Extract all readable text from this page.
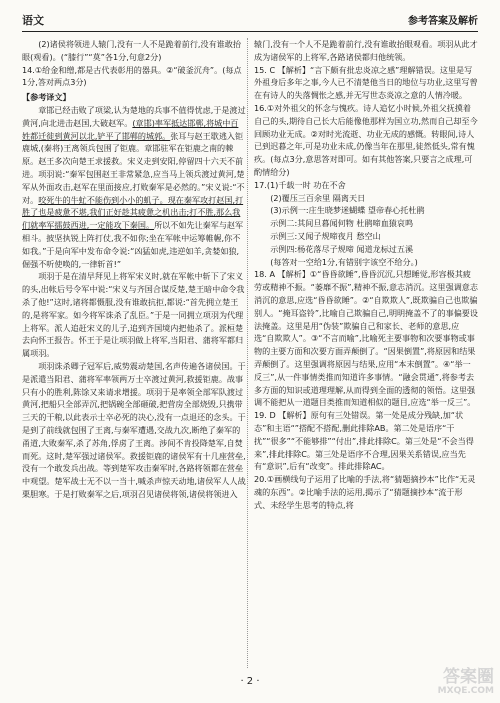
语文	参考答案及解析

(2)诸侯将领进人辕门,没有一人不是跪着前行,没有谁敢抬眼(观看)。(“膝行”“莫”各1分,句意2分)

14.①给金和缯,都是古代表彰用的器具。②“破釜沉舟”。(每点1分,答对两点3分)

【参考译文】

章邯已经击败了项梁,认为楚地的兵事不值得忧虑,于是渡过黄河,向北进击赵国,大破赵军。(章邯)率军抵达邯郸,将城中百姓都迁徙到黄河以北,铲平了邯郸的城郭。张耳与赵王歇逃入钜鹿城,(秦将)王离领兵包围了钜鹿。章邯驻军在钜鹿之南的棘原。赵王多次向楚王求援救。宋义走到安阳,停留四十六天不前进。项羽说:“秦军包围赵王非常紧急,应当马上领兵渡过黄河,楚军从外面攻击,赵军在里面接应,打败秦军是必然的。”宋义说:“不对。咬死牛的牛虻不能伤到小小的虮子。现在秦军攻打赵国,打胜了也是疲惫不堪,我们正好趁其疲惫之机出击;打不胜,那么我们就率军擂鼓西进,一定能攻下秦国。所以不如先让秦军与赵军相斗。披坚执锐上阵打仗,我不如你;坐在军帐中运筹帷幄,你不如我。”于是向军中发布命令说:“凶猛如虎,违逆如羊,贪婪如狼,倔强不听使唤的,一律斩首!”

项羽于是在清早拜见上将军宋义时,就在军帐中斩下了宋义的头,出帐后号令军中说:“宋义与齐国合谋反楚,楚王暗中命令我杀了他!”这时,诸将都慑服,没有谁敢抗拒,都说:“首先拥立楚王的,是将军家。如今将军诛杀了乱臣。”于是一同拥立项羽为代理上将军。派人追赶宋义的儿子,追到齐国境内把他杀了。派桓楚去向怀王报告。怀王于是让项羽做上将军,当阳君、蒲将军都归属项羽。

项羽诛杀卿子冠军后,威势震动楚国,名声传遍各诸侯国。于是派遣当阳君、蒲将军率领两万士卒渡过黄河,救援钜鹿。战事只有小的胜利,陈馀又来请求增援。项羽于是率领全部军队渡过黄河,把船只全部弄沉,把锅碗全部砸破,把营房全部烧毁,只携带三天的干粮,以此表示士卒必死的决心,没有一点退还的念头。于是到了前线就包围了王离,与秦军遭遇,交战九次,断绝了秦军的甬道,大败秦军,杀了苏角,俘虏了王离。涉间不肯投降楚军,自焚而死。这时,楚军强过诸侯军。救援钜鹿的诸侯军有十几座营垒,没有一个敢发兵出战。等到楚军攻击秦军时,各路将领都在营垒中观望。楚军战士无不以一当十,喊杀声惊天动地,诸侯军人人战栗胆寒。于是打败秦军之后,项羽召见诸侯将领,诸侯将领进入

辕门,没有一个人不是跪着前行,没有谁敢抬眼观看。项羽从此才成为诸侯军的上将军,各路诸侯都归他统领。

15. C 【解析】“言下颇有批忠炎凉之感”理解错误。这里是写外祖身后多年之事,今人已不清楚他当日的地位与功业,这里写曾在有诗人的失落惆怅之感,并无写世态炎凉之意的人情冷暖。

16.①对外祖父的怀念与愧疚。诗人追忆小时候,外祖父抚摸着自己的头,期待自己长大后能像他那样为国立功,然而自己却至今回顾功业无成。②对时光流逝、功业无成的感慨。转眼间,诗人已到迟暮之年,可是功业未成,仍像当年在那里,徒然低头,常有愧疚。(每点3分,意思答对即可。如有其他答案,只要言之成理,可酌情给分)

17.(1)千载一时 功在不舍

(2)覆压三百余里 隔离天日

(3)示例一:庄生晓梦迷蝴蝶 望帝春心托杜鹃

示例二:其间旦暮闻何物 杜鹃啼血猿哀鸣

示例三:又闻子规啼夜月 愁空山

示例四:杨花落尽子规啼 闻道龙标过五溪

(每答对一空给1分,有错别字该空不给分。)

18. A 【解析】①“昏昏欲睡”,昏昏沉沉,只想睡觉,形容极其疲劳或精神不振。“萎靡不振”,精神不振,意志消沉。这里强调意志消沉的意思,应选“昏昏欲睡”。②“自欺欺人”,既欺骗自己也欺骗别人。“掩耳盗铃”,比喻自己欺骗自己,明明掩盖不了的事偏要设法掩盖。这里是用“伪装”欺骗自己和家长、老师的意思,应选“自欺欺人”。③“不言而喻”,比喻死主要事物和次要事物或事物的主要方面和次要方面弄颠倒了。“因果倒置”,将原因和结果弄颠倒了。这里强调将原因与结果,应用“本末倒置”。④“举一反三”,从一件事情类推而知道许多事情。“融会贯通”,将参考去多方面的知识或道理理解,从而得到全面的透彻的领悟。这里强调不能把从一道题目类推而知道相似的题目,应选“举一反三”。

19. D 【解析】原句有三处错误。第一处是成分残缺,加“状态”和主语“”搭配不搭配,删此排除AB。第二处是语序“干扰”“很多”“不能够排”“付出”,排此排除C。第三处是“不会当得来”,排此排除C。第三处是语序不合理,因果关系错误,应当先有“意识”,后有“改变”。排此排除AC。

20.①画横线句子运用了比喻的手法,将“猜题摘抄本”比作“无灵魂的东西”。②比喻手法的运用,揭示了“猜题摘抄本”流于形式、未经学生思考的特点,将

· 2 ·	答案圈
MXQE.COM
